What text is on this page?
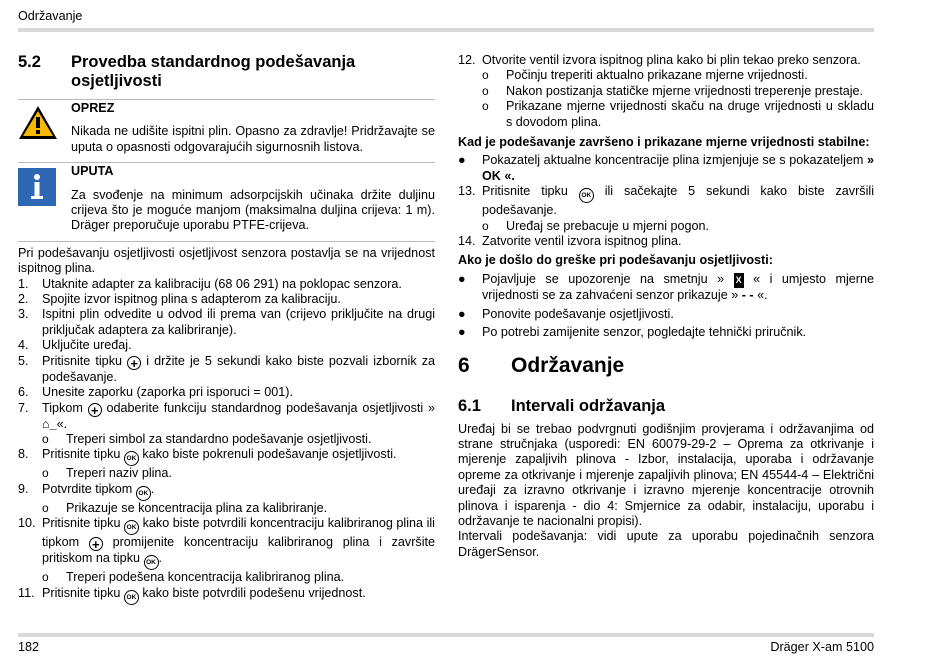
Održavanje
5.2	Provedba standardnog podešavanja osjetljivosti
OPREZ
Nikada ne udišite ispitni plin. Opasno za zdravlje! Pridržavajte se uputa o opasnosti odgovarajućih sigurnosnih listova.
UPUTA
Za svođenje na minimum adsorpcijskih učinaka držite duljinu crijeva što je moguće manjom (maksimalna duljina crijeva: 1 m). Dräger preporučuje uporabu PTFE-crijeva.
Pri podešavanju osjetljivosti osjetljivost senzora postavlja se na vrijednost ispitnog plina.
1.	Utaknite adapter za kalibraciju (68 06 291) na poklopac senzora.
2.	Spojite izvor ispitnog plina s adapterom za kalibraciju.
3.	Ispitni plin odvedite u odvod ili prema van (crijevo priključite na drugi priključak adaptera za kalibriranje).
4.	Uključite uređaj.
5.	Pritisnite tipku + i držite je 5 sekundi kako biste pozvali izbornik za podešavanje.
6.	Unesite zaporku (zaporka pri isporuci = 001).
7.	Tipkom + odaberite funkciju standardnog podešavanja osjetljivosti » ⌂_«.
o	Treperi simbol za standardno podešavanje osjetljivosti.
8.	Pritisnite tipku OK kako biste pokrenuli podešavanje osjetljivosti.
o	Treperi naziv plina.
9.	Potvrdite tipkom OK .
o	Prikazuje se koncentracija plina za kalibriranje.
10. Pritisnite tipku OK kako biste potvrdili koncentraciju kalibriranog plina ili tipkom + promijenite koncentraciju kalibriranog plina i završite pritiskom na tipku OK .
o	Treperi podešena koncentracija kalibriranog plina.
11. Pritisnite tipku OK kako biste potvrdili podešenu vrijednost.
12. Otvorite ventil izvora ispitnog plina kako bi plin tekao preko senzora.
o	Počinju treperiti aktualno prikazane mjerne vrijednosti.
o	Nakon postizanja statičke mjerne vrijednosti treperenje prestaje.
o	Prikazane mjerne vrijednosti skaču na druge vrijednosti u skladu s dovodom plina.
Kad je podešavanje završeno i prikazane mjerne vrijednosti stabilne:
●	Pokazatelj aktualne koncentracije plina izmjenjuje se s pokazateljem » OK «.
13. Pritisnite tipku OK ili sačekajte 5 sekundi kako biste završili podešavanje.
o	Uređaj se prebacuje u mjerni pogon.
14. Zatvorite ventil izvora ispitnog plina.
Ako je došlo do greške pri podešavanju osjetljivosti:
●	Pojavljuje se upozorenje na smetnju » X « i umjesto mjerne vrijednosti se za zahvaćeni senzor prikazuje » - - «.
●	Ponovite podešavanje osjetljivosti.
●	Po potrebi zamijenite senzor, pogledajte tehnički priručnik.
6	Održavanje
6.1	Intervali održavanja
Uređaj bi se trebao podvrgnuti godišnjim provjerama i održavanjima od strane stručnjaka (usporedi: EN 60079-29-2 – Oprema za otkrivanje i mjerenje zapaljivih plinova - Izbor, instalacija, uporaba i održavanje opreme za otkrivanje i mjerenje zapaljivih plinova; EN 45544-4 – Električni uređaji za izravno otkrivanje i izravno mjerenje koncentracije otrovnih plinova i isparenja - dio 4: Smjernice za odabir, instalaciju, uporabu i održavanje te nacionalni propisi).
Intervali podešavanja: vidi upute za uporabu pojedinačnih senzora DrägerSensor.
182	Dräger X-am 5100
